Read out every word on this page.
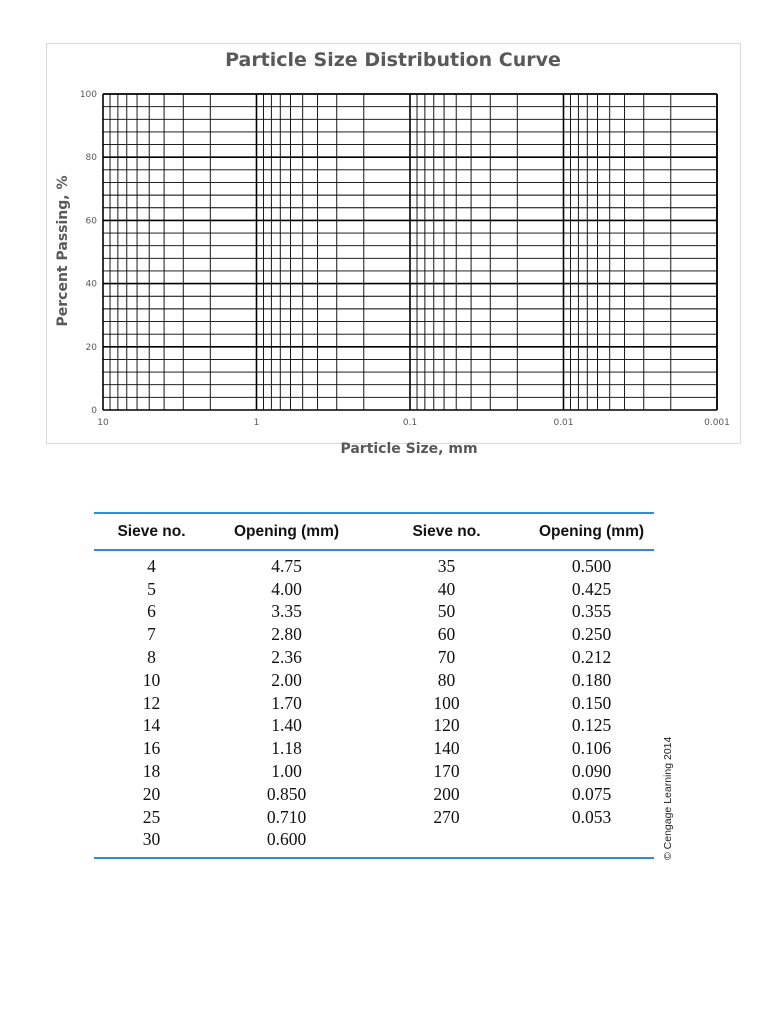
Particle Size Distribution Curve
0
20
40
60
80
100
10	1	0.1	0.01	0.001
Particle Size, mm
Percent Passing, %
Sieve no.	Opening (mm)	Sieve no.	Opening (mm)
4	4.75	35	0.500
5	4.00	40	0.425
6	3.35	50	0.355
7	2.80	60	0.250
8	2.36	70	0.212
10	2.00	80	0.180
12	1.70	100	0.150
14	1.40	120	0.125
16	1.18	140	0.106
18	1.00	170	0.090
20	0.850	200	0.075
25	0.710	270	0.053
30	0.600			© Cengage Learning 2014
